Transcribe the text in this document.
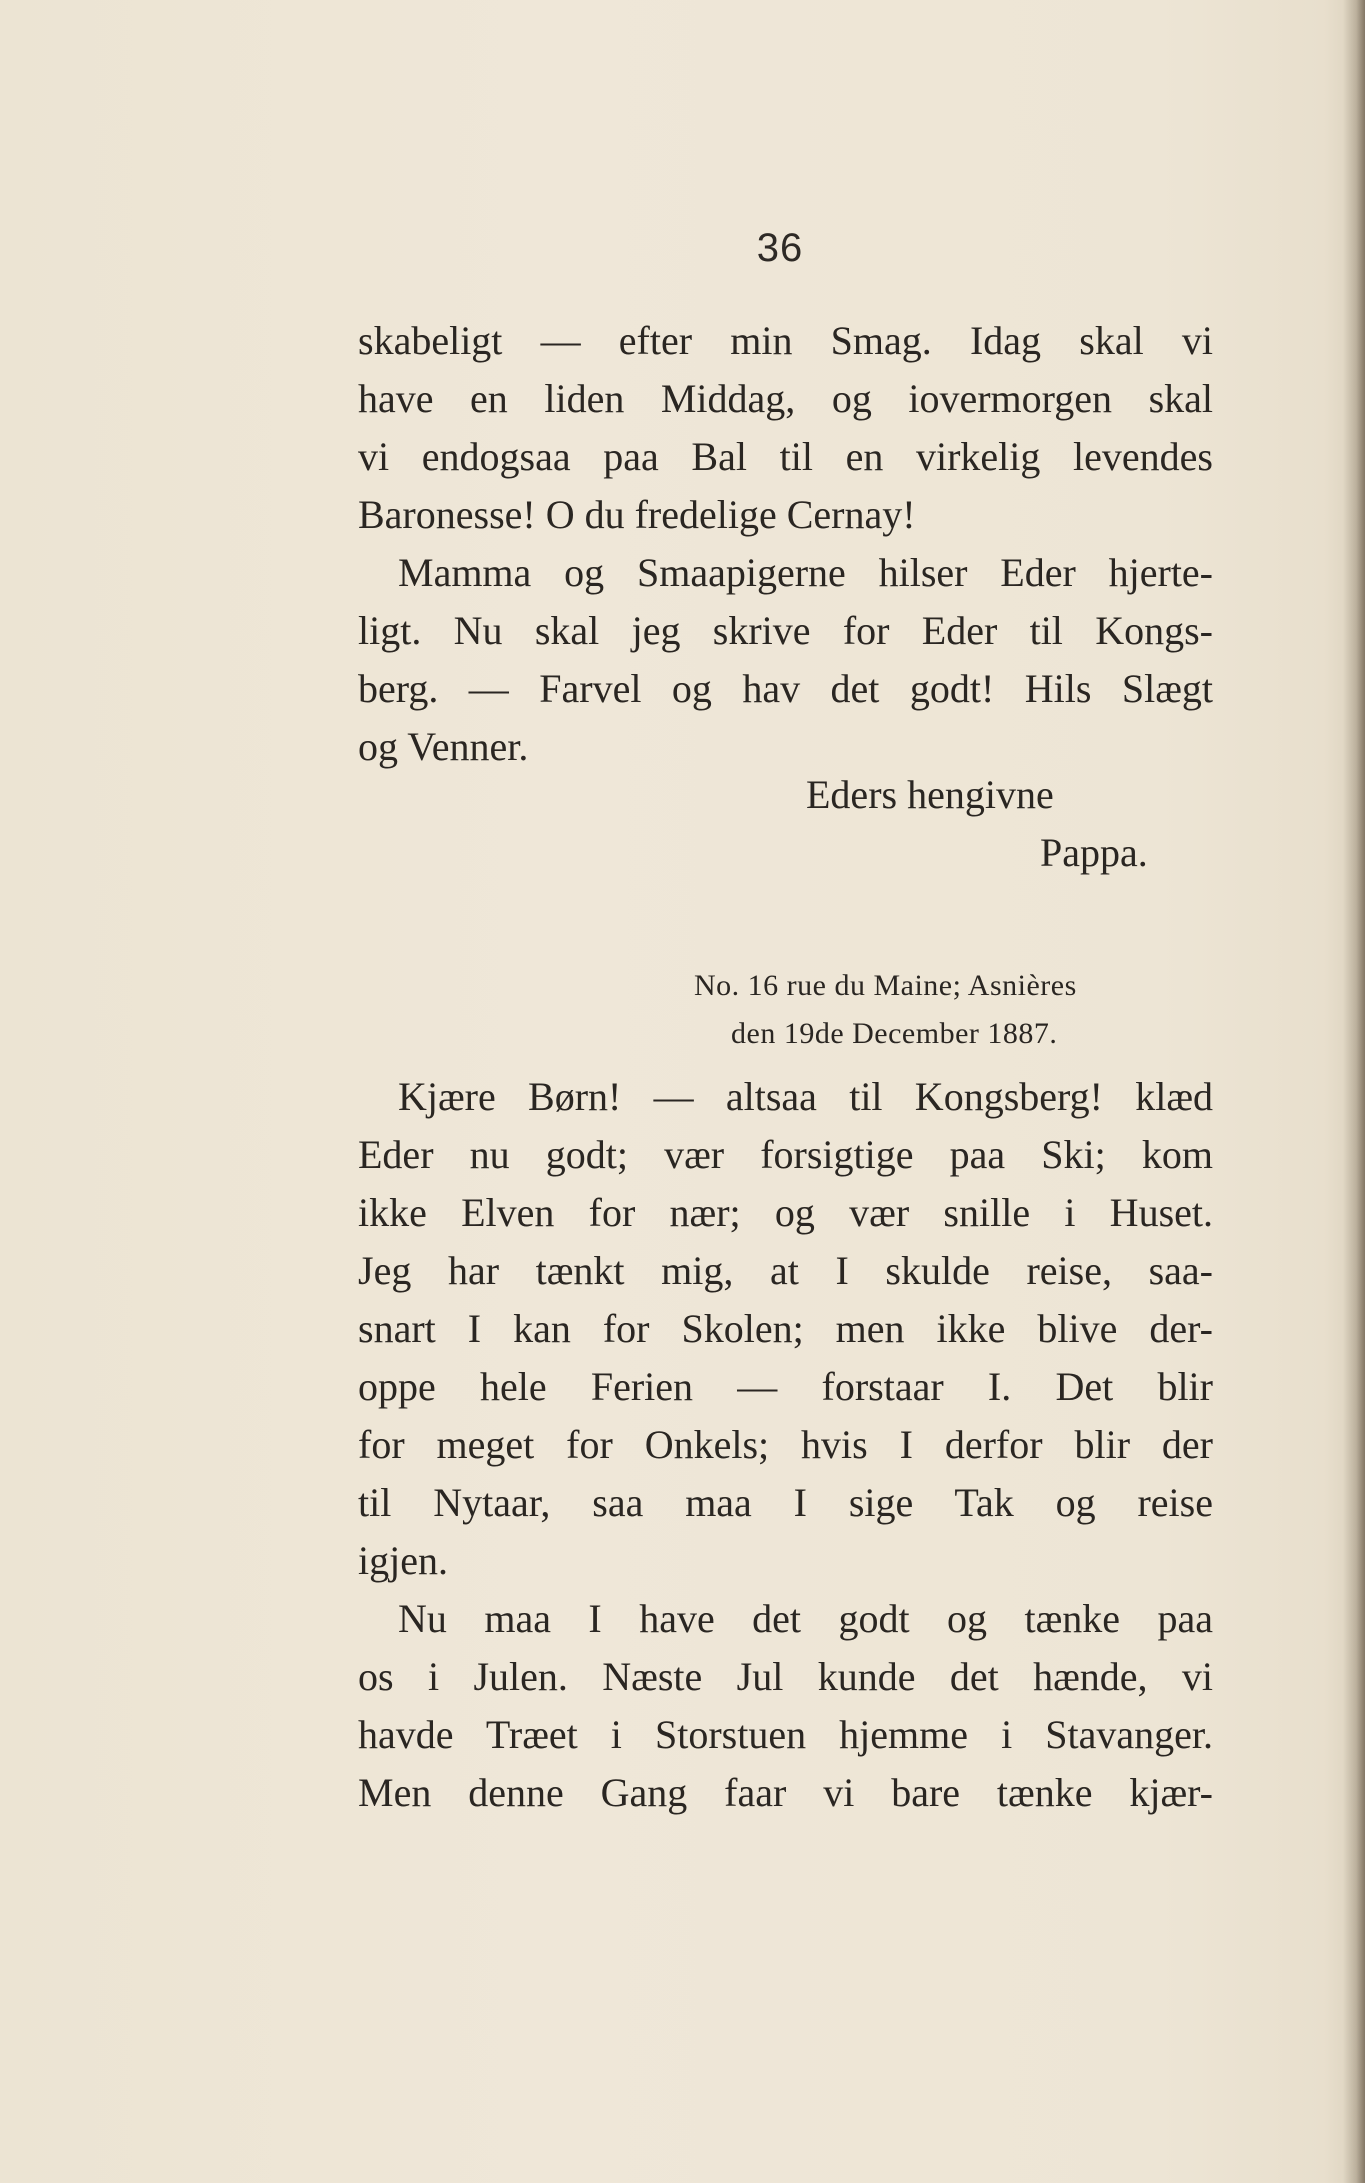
36
skabeligt — efter min Smag. Idag skal vi
have en liden Middag, og iovermorgen skal
vi endogsaa paa Bal til en virkelig levendes
Baronesse! O du fredelige Cernay!
Mamma og Smaapigerne hilser Eder hjerte-
ligt. Nu skal jeg skrive for Eder til Kongs-
berg. — Farvel og hav det godt! Hils Slægt
og Venner.
Eders hengivne
Pappa.
No. 16 rue du Maine; Asnières
den 19de December 1887.
Kjære Børn! — altsaa til Kongsberg! klæd
Eder nu godt; vær forsigtige paa Ski; kom
ikke Elven for nær; og vær snille i Huset.
Jeg har tænkt mig, at I skulde reise, saa-
snart I kan for Skolen; men ikke blive der-
oppe hele Ferien — forstaar I. Det blir
for meget for Onkels; hvis I derfor blir der
til Nytaar, saa maa I sige Tak og reise
igjen.
Nu maa I have det godt og tænke paa
os i Julen. Næste Jul kunde det hænde, vi
havde Træet i Storstuen hjemme i Stavanger.
Men denne Gang faar vi bare tænke kjær-
